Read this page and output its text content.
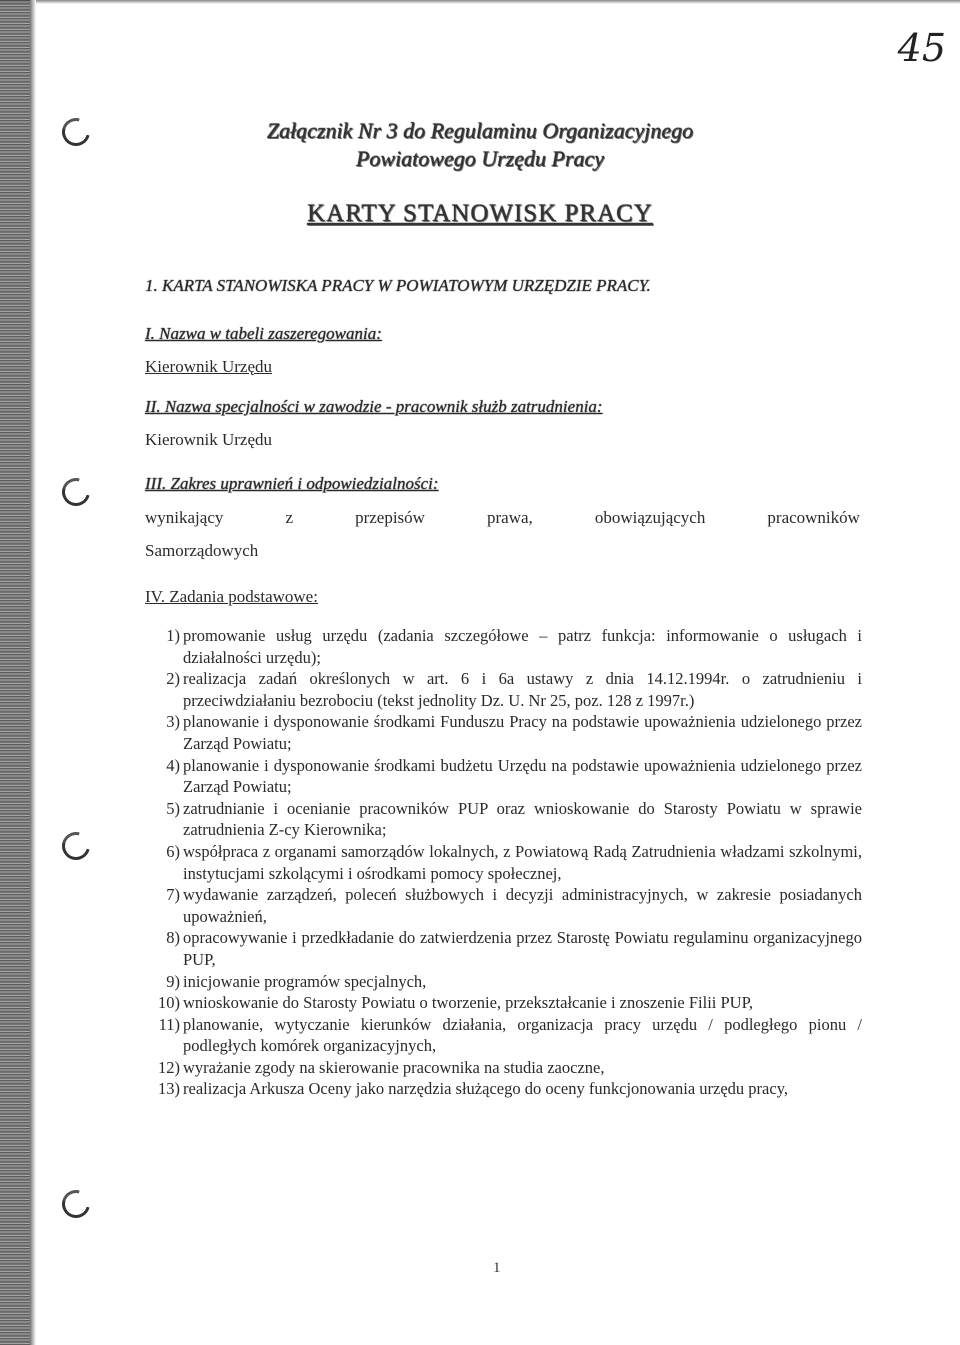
45
Załącznik Nr 3 do Regulaminu Organizacyjnego
Powiatowego Urzędu Pracy
KARTY STANOWISK PRACY
1. KARTA STANOWISKA PRACY W POWIATOWYM URZĘDZIE PRACY.
I. Nazwa w tabeli zaszeregowania:
Kierownik Urzędu
II. Nazwa specjalności w zawodzie - pracownik służb zatrudnienia:
Kierownik Urzędu
III. Zakres uprawnień i odpowiedzialności:
wynikający	z	przepisów	prawa,	obowiązujących	pracowników
Samorządowych
IV. Zadania podstawowe:
1) promowanie usług urzędu (zadania szczegółowe – patrz funkcja: informowanie o usługach i działalności urzędu);
2) realizacja zadań określonych w art. 6 i 6a ustawy z dnia 14.12.1994r. o zatrudnieniu i przeciwdziałaniu bezrobociu (tekst jednolity Dz. U. Nr 25, poz. 128 z 1997r.)
3) planowanie i dysponowanie środkami Funduszu Pracy na podstawie upoważnienia udzielonego przez Zarząd Powiatu;
4) planowanie i dysponowanie środkami budżetu Urzędu na podstawie upoważnienia udzielonego przez Zarząd Powiatu;
5) zatrudnianie i ocenianie pracowników PUP oraz wnioskowanie do Starosty Powiatu w sprawie zatrudnienia Z-cy Kierownika;
6) współpraca z organami samorządów lokalnych, z Powiatową Radą Zatrudnienia władzami szkolnymi, instytucjami szkolącymi i ośrodkami pomocy społecznej,
7) wydawanie zarządzeń, poleceń służbowych i decyzji administracyjnych, w zakresie posiadanych upoważnień,
8) opracowywanie i przedkładanie do zatwierdzenia przez Starostę Powiatu regulaminu organizacyjnego PUP,
9) inicjowanie programów specjalnych,
10) wnioskowanie do Starosty Powiatu o tworzenie, przekształcanie i znoszenie Filii PUP,
11) planowanie, wytyczanie kierunków działania, organizacja pracy urzędu / podległego pionu / podległych komórek organizacyjnych,
12) wyrażanie zgody na skierowanie pracownika na studia zaoczne,
13) realizacja Arkusza Oceny jako narzędzia służącego do oceny funkcjonowania urzędu pracy,
1
